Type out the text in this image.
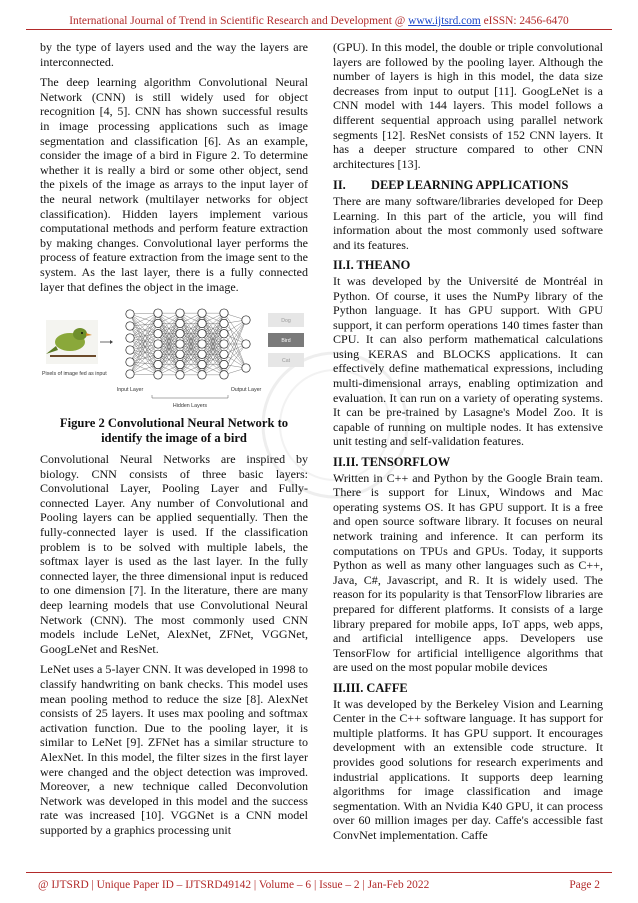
International Journal of Trend in Scientific Research and Development @ www.ijtsrd.com eISSN: 2456-6470

by the type of layers used and the way the layers are interconnected.

The deep learning algorithm Convolutional Neural Network (CNN) is still widely used for object recognition [4, 5]. CNN has shown successful results in image processing applications such as image segmentation and classification [6]. As an example, consider the image of a bird in Figure 2. To determine whether it is really a bird or some other object, send the pixels of the image as arrays to the input layer of the neural network (multilayer networks for object classification). Hidden layers implement various computational methods and perform feature extraction by making changes. Convolutional layer performs the process of feature extraction from the image sent to the system. As the last layer, there is a fully connected layer that defines the object in the image.

Pixels of image fed as input
Dog
Bird
Cat
Input Layer	Output Layer
Hidden Layers
Figure 2 Convolutional Neural Network to identify the image of a bird

Convolutional Neural Networks are inspired by biology. CNN consists of three basic layers: Convolutional Layer, Pooling Layer and Fully-connected Layer. Any number of Convolutional and Pooling layers can be applied sequentially. Then the fully-connected layer is used. If the classification problem is to be solved with multiple labels, the softmax layer is used as the last layer. In the fully connected layer, the three dimensional input is reduced to one dimension [7]. In the literature, there are many deep learning models that use Convolutional Neural Network (CNN). The most commonly used CNN models include LeNet, AlexNet, ZFNet, VGGNet, GoogLeNet and ResNet.

LeNet uses a 5-layer CNN. It was developed in 1998 to classify handwriting on bank checks. This model uses mean pooling method to reduce the size [8]. AlexNet consists of 25 layers. It uses max pooling and softmax activation function. Due to the pooling layer, it is similar to LeNet [9]. ZFNet has a similar structure to AlexNet. In this model, the filter sizes in the first layer were changed and the object detection was improved. Moreover, a new technique called Deconvolution Network was developed in this model and the success rate was increased [10]. VGGNet is a CNN model supported by a graphics processing unit

(GPU). In this model, the double or triple convolutional layers are followed by the pooling layer. Although the number of layers is high in this model, the data size decreases from input to output [11]. GoogLeNet is a CNN model with 144 layers. This model follows a different sequential approach using parallel network segments [12]. ResNet consists of 152 CNN layers. It has a deeper structure compared to other CNN architectures [13].

II. DEEP LEARNING APPLICATIONS

There are many software/libraries developed for Deep Learning. In this part of the article, you will find information about the most commonly used software and its features.

II.I. THEANO

It was developed by the Université de Montréal in Python. Of course, it uses the NumPy library of the Python language. It has GPU support. With GPU support, it can perform operations 140 times faster than CPU. It can also perform mathematical calculations using KERAS and BLOCKS applications. It can effectively define mathematical expressions, including multi-dimensional arrays, enabling optimization and evaluation. It can run on a variety of operating systems. It can be pre-trained by Lasagne's Model Zoo. It is capable of running on multiple nodes. It has extensive unit testing and self-validation features.

II.II. TENSORFLOW

Written in C++ and Python by the Google Brain team. There is support for Linux, Windows and Mac operating systems OS. It has GPU support. It is a free and open source software library. It focuses on neural network training and inference. It can perform its computations on TPUs and GPUs. Today, it supports Python as well as many other languages such as C++, Java, C#, Javascript, and R. It is widely used. The reason for its popularity is that TensorFlow libraries are prepared for different platforms. It consists of a large library prepared for mobile apps, IoT apps, web apps, and artificial intelligence apps. Developers use TensorFlow for artificial intelligence algorithms that are used on the most popular mobile devices

II.III. CAFFE

It was developed by the Berkeley Vision and Learning Center in the C++ software language. It has support for multiple platforms. It has GPU support. It encourages development with an extensible code structure. It provides good solutions for research experiments and industrial applications. It supports deep learning algorithms for image classification and image segmentation. With an Nvidia K40 GPU, it can process over 60 million images per day. Caffe's accessible fast ConvNet implementation. Caffe

@ IJTSRD | Unique Paper ID – IJTSRD49142 | Volume – 6 | Issue – 2 | Jan-Feb 2022	Page 2
